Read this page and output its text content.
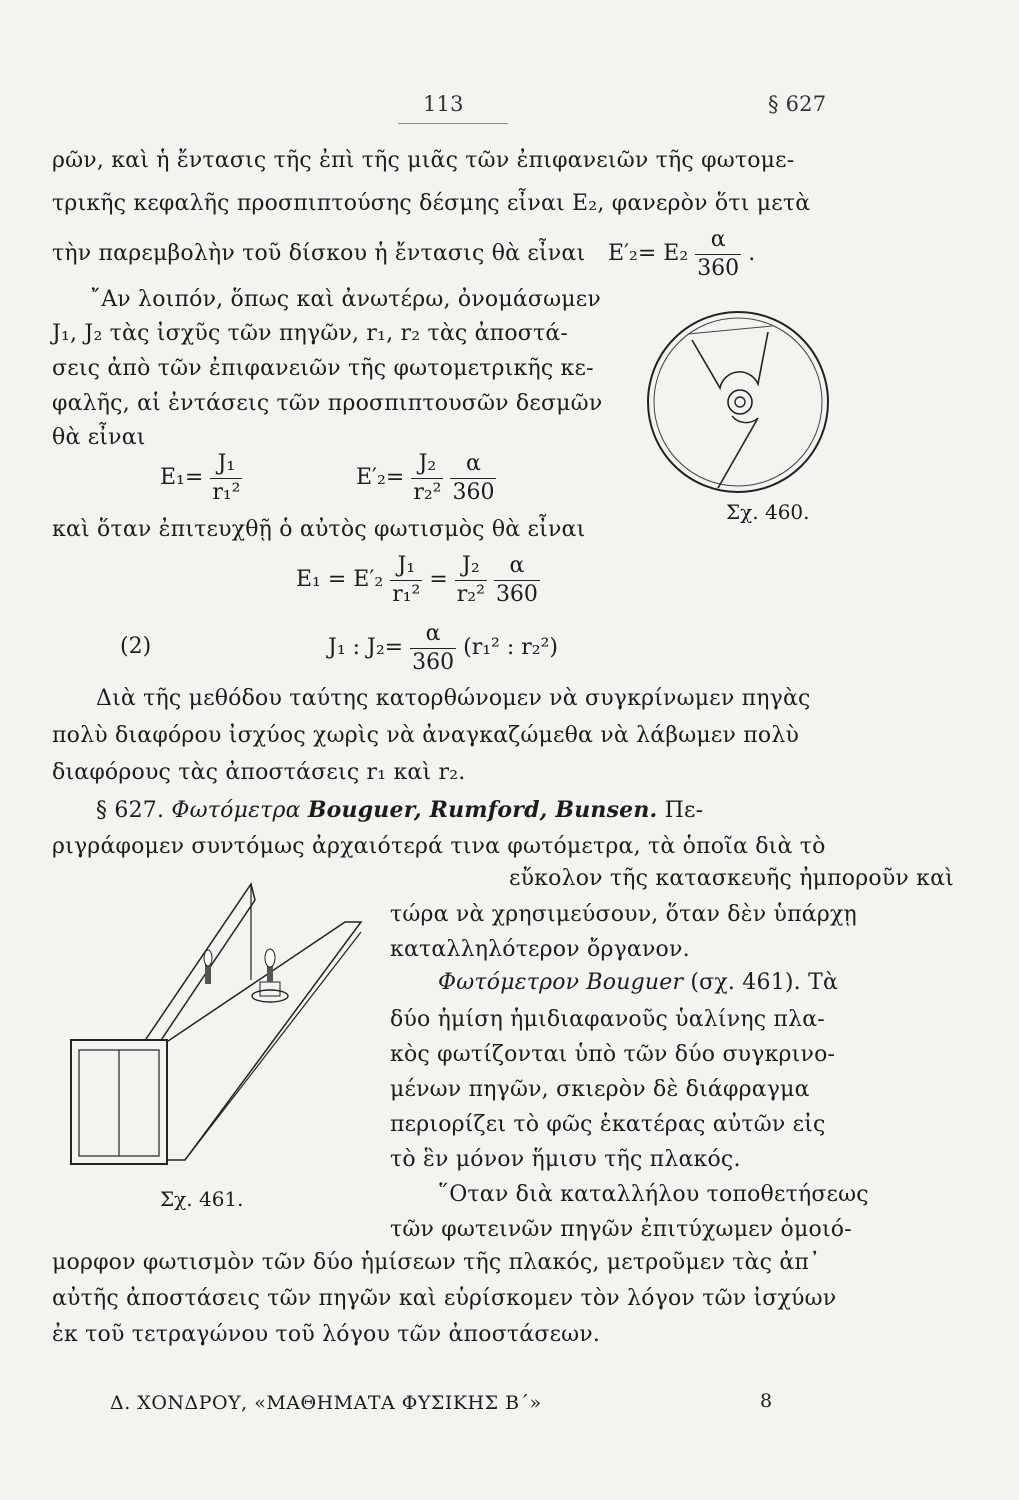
113	§ 627
ρῶν, καὶ ἡ ἔντασις τῆς ἐπὶ τῆς μιᾶς τῶν ἐπιφανειῶν τῆς φωτομε-
τρικῆς κεφαλῆς προσπιπτούσης δέσμης εἶναι E₂, φανερὸν ὅτι μετὰ
τὴν παρεμβολὴν τοῦ δίσκου ἡ ἔντασις θὰ εἶναι $E'_2= E_2 \frac{\alpha}{360}$ .
῎Αν λοιπόν, ὅπως καὶ ἀνωτέρω, ὀνομάσωμεν
J₁, J₂ τὰς ἰσχῦς τῶν πηγῶν, r₁, r₂ τὰς ἀποστά-
σεις ἀπὸ τῶν ἐπιφανειῶν τῆς φωτομετρικῆς κε-
φαλῆς, αἱ ἐντάσεις τῶν προσπιπτουσῶν δεσμῶν
θὰ εἶναι
Σχ. 460.
$E_1= \frac{\text{J₁}}{\text{r₁²}}$	$E'_2= \frac{\text{J₂}}{\text{r₂²}}$
$\frac{\alpha}{360}$
καὶ ὅταν ἐπιτευχθῇ ὁ αὐτὸς φωτισμὸς θὰ εἶναι
$E_1 = E'_2 \frac{\text{J₁}}{\text{r₁²}} = \frac{\text{J₂}}{\text{r₂²}}$
$\frac{\alpha}{360}$
(2)	J₁ : $J_2= \frac{\alpha}{360} (r_1^2$ : r₂²)
Διὰ τῆς μεθόδου ταύτης κατορθώνομεν νὰ συγκρίνωμεν πηγὰς
πολὺ διαφόρου ἰσχύος χωρὶς νὰ ἀναγκαζώμεθα νὰ λάβωμεν πολὺ
διαφόρους τὰς ἀποστάσεις r₁ καὶ r₂.
§ 627. Φωτόμετρα Bouguer, Rumford, Bunsen. Πε-
ριγράφομεν συντόμως ἀρχαιότερά τινα φωτόμετρα, τὰ ὁποῖα διὰ τὸ
εὔκολον τῆς κατασκευῆς ἠμποροῦν καὶ
τώρα νὰ χρησιμεύσουν, ὅταν δὲν ὑπάρχῃ
καταλληλότερον ὄργανον.
Φωτόμετρον Bouguer (σχ. 461). Τὰ
δύο ἡμίση ἡμιδιαφανοῦς ὑαλίνης πλα-
κὸς φωτίζονται ὑπὸ τῶν δύο συγκρινο-
μένων πηγῶν, σκιερὸν δὲ διάφραγμα
περιορίζει τὸ φῶς ἑκατέρας αὐτῶν εἰς
τὸ ἓν μόνον ἥμισυ τῆς πλακός.
῞Οταν διὰ καταλλήλου τοποθετήσεως
τῶν φωτεινῶν πηγῶν ἐπιτύχωμεν ὁμοιό-
Σχ. 461.
μορφον φωτισμὸν τῶν δύο ἡμίσεων τῆς πλακός, μετροῦμεν τὰς ἀπ᾽
αὐτῆς ἀποστάσεις τῶν πηγῶν καὶ εὑρίσκομεν τὸν λόγον τῶν ἰσχύων
ἐκ τοῦ τετραγώνου τοῦ λόγου τῶν ἀποστάσεων.
Δ. ΧΟΝΔΡΟΥ, «ΜΑΘΗΜΑΤΑ ΦΥΣΙΚΗΣ Β΄»	8
